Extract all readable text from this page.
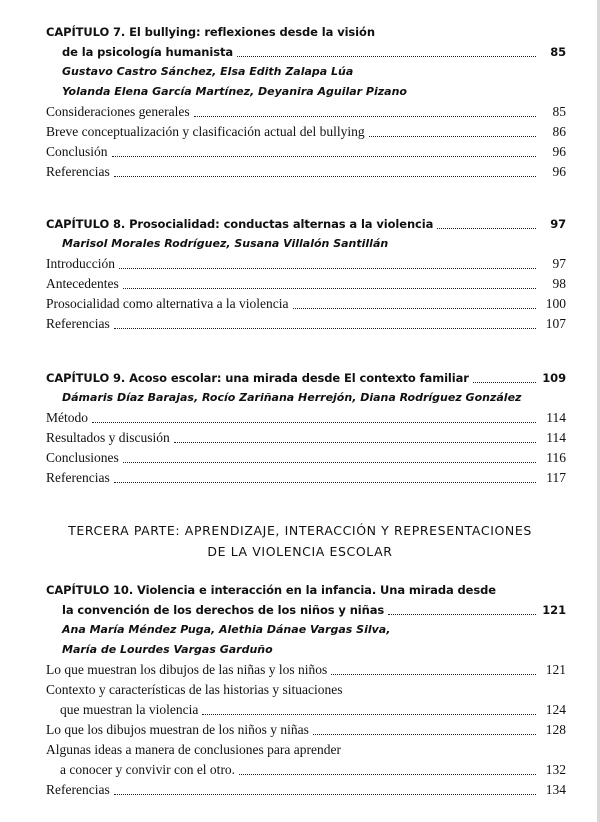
CAPÍTULO 7. El bullying: reflexiones desde la visión
de la psicología humanista	85
Gustavo Castro Sánchez, Elsa Edith Zalapa Lúa
Yolanda Elena García Martínez, Deyanira Aguilar Pizano
Consideraciones generales	85
Breve conceptualización y clasificación actual del bullying	86
Conclusión	96
Referencias	96
CAPÍTULO 8. Prosocialidad: conductas alternas a la violencia	97
Marisol Morales Rodríguez, Susana Villalón Santillán
Introducción	97
Antecedentes	98
Prosocialidad como alternativa a la violencia	100
Referencias	107
CAPÍTULO 9. Acoso escolar: una mirada desde El contexto familiar	109
Dámaris Díaz Barajas, Rocío Zariñana Herrejón, Diana Rodríguez González
Método	114
Resultados y discusión	114
Conclusiones	116
Referencias	117
TERCERA PARTE: APRENDIZAJE, INTERACCIÓN Y REPRESENTACIONES
DE LA VIOLENCIA ESCOLAR
CAPÍTULO 10. Violencia e interacción en la infancia. Una mirada desde
la convención de los derechos de los niños y niñas	121
Ana María Méndez Puga, Alethia Dánae Vargas Silva,
María de Lourdes Vargas Garduño
Lo que muestran los dibujos de las niñas y los niños	121
Contexto y características de las historias y situaciones
que muestran la violencia	124
Lo que los dibujos muestran de los niños y niñas	128
Algunas ideas a manera de conclusiones para aprender
a conocer y convivir con el otro.	132
Referencias	134
